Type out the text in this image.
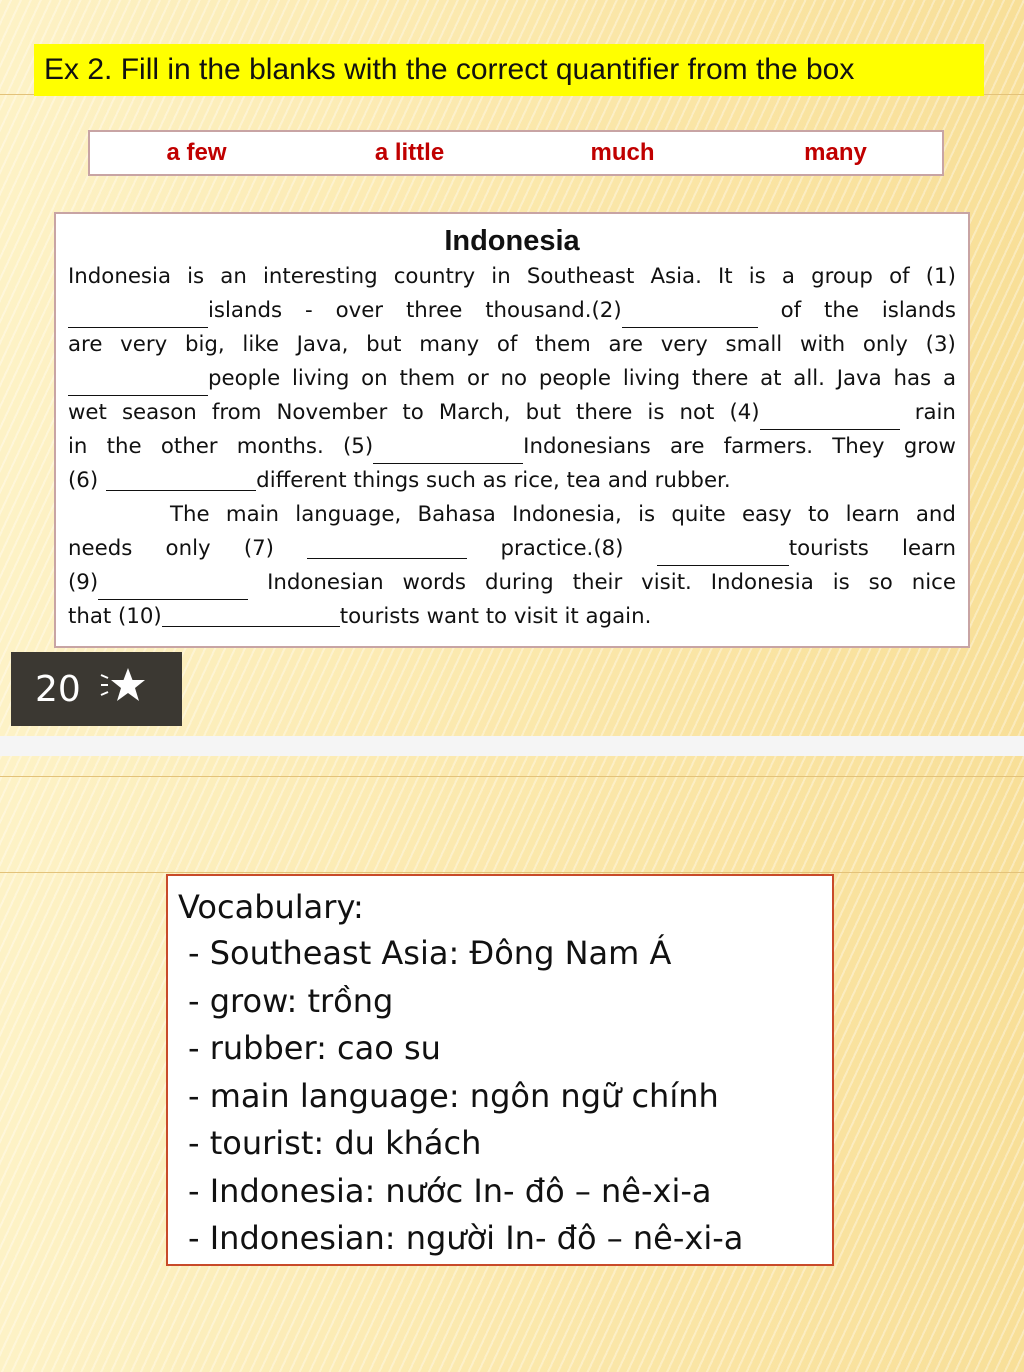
Ex 2. Fill in the blanks with the correct quantifier from the box
a few	a little	much	many
Indonesia
Indonesia is an interesting country in Southeast Asia. It is a group of (1)
islands - over three thousand.(2)	of the islands
are very big, like Java, but many of them are very small with only (3)
people living on them or no people living there at all. Java has a
wet season from November to March, but there is not (4)	rain
in the other months. (5)	Indonesians are farmers. They grow
(6)	different things such as rice, tea and rubber.
The main language, Bahasa Indonesia, is quite easy to learn and
needs only (7)	practice.(8)	tourists learn
(9)	Indonesian words during their visit. Indonesia is so nice
that (10)	tourists want to visit it again.
20
Vocabulary:
- Southeast Asia: Đông Nam Á
- grow: trồng
- rubber: cao su
- main language: ngôn ngữ chính
- tourist: du khách
- Indonesia: nước In- đô – nê-xi-a
- Indonesian: người In- đô – nê-xi-a
